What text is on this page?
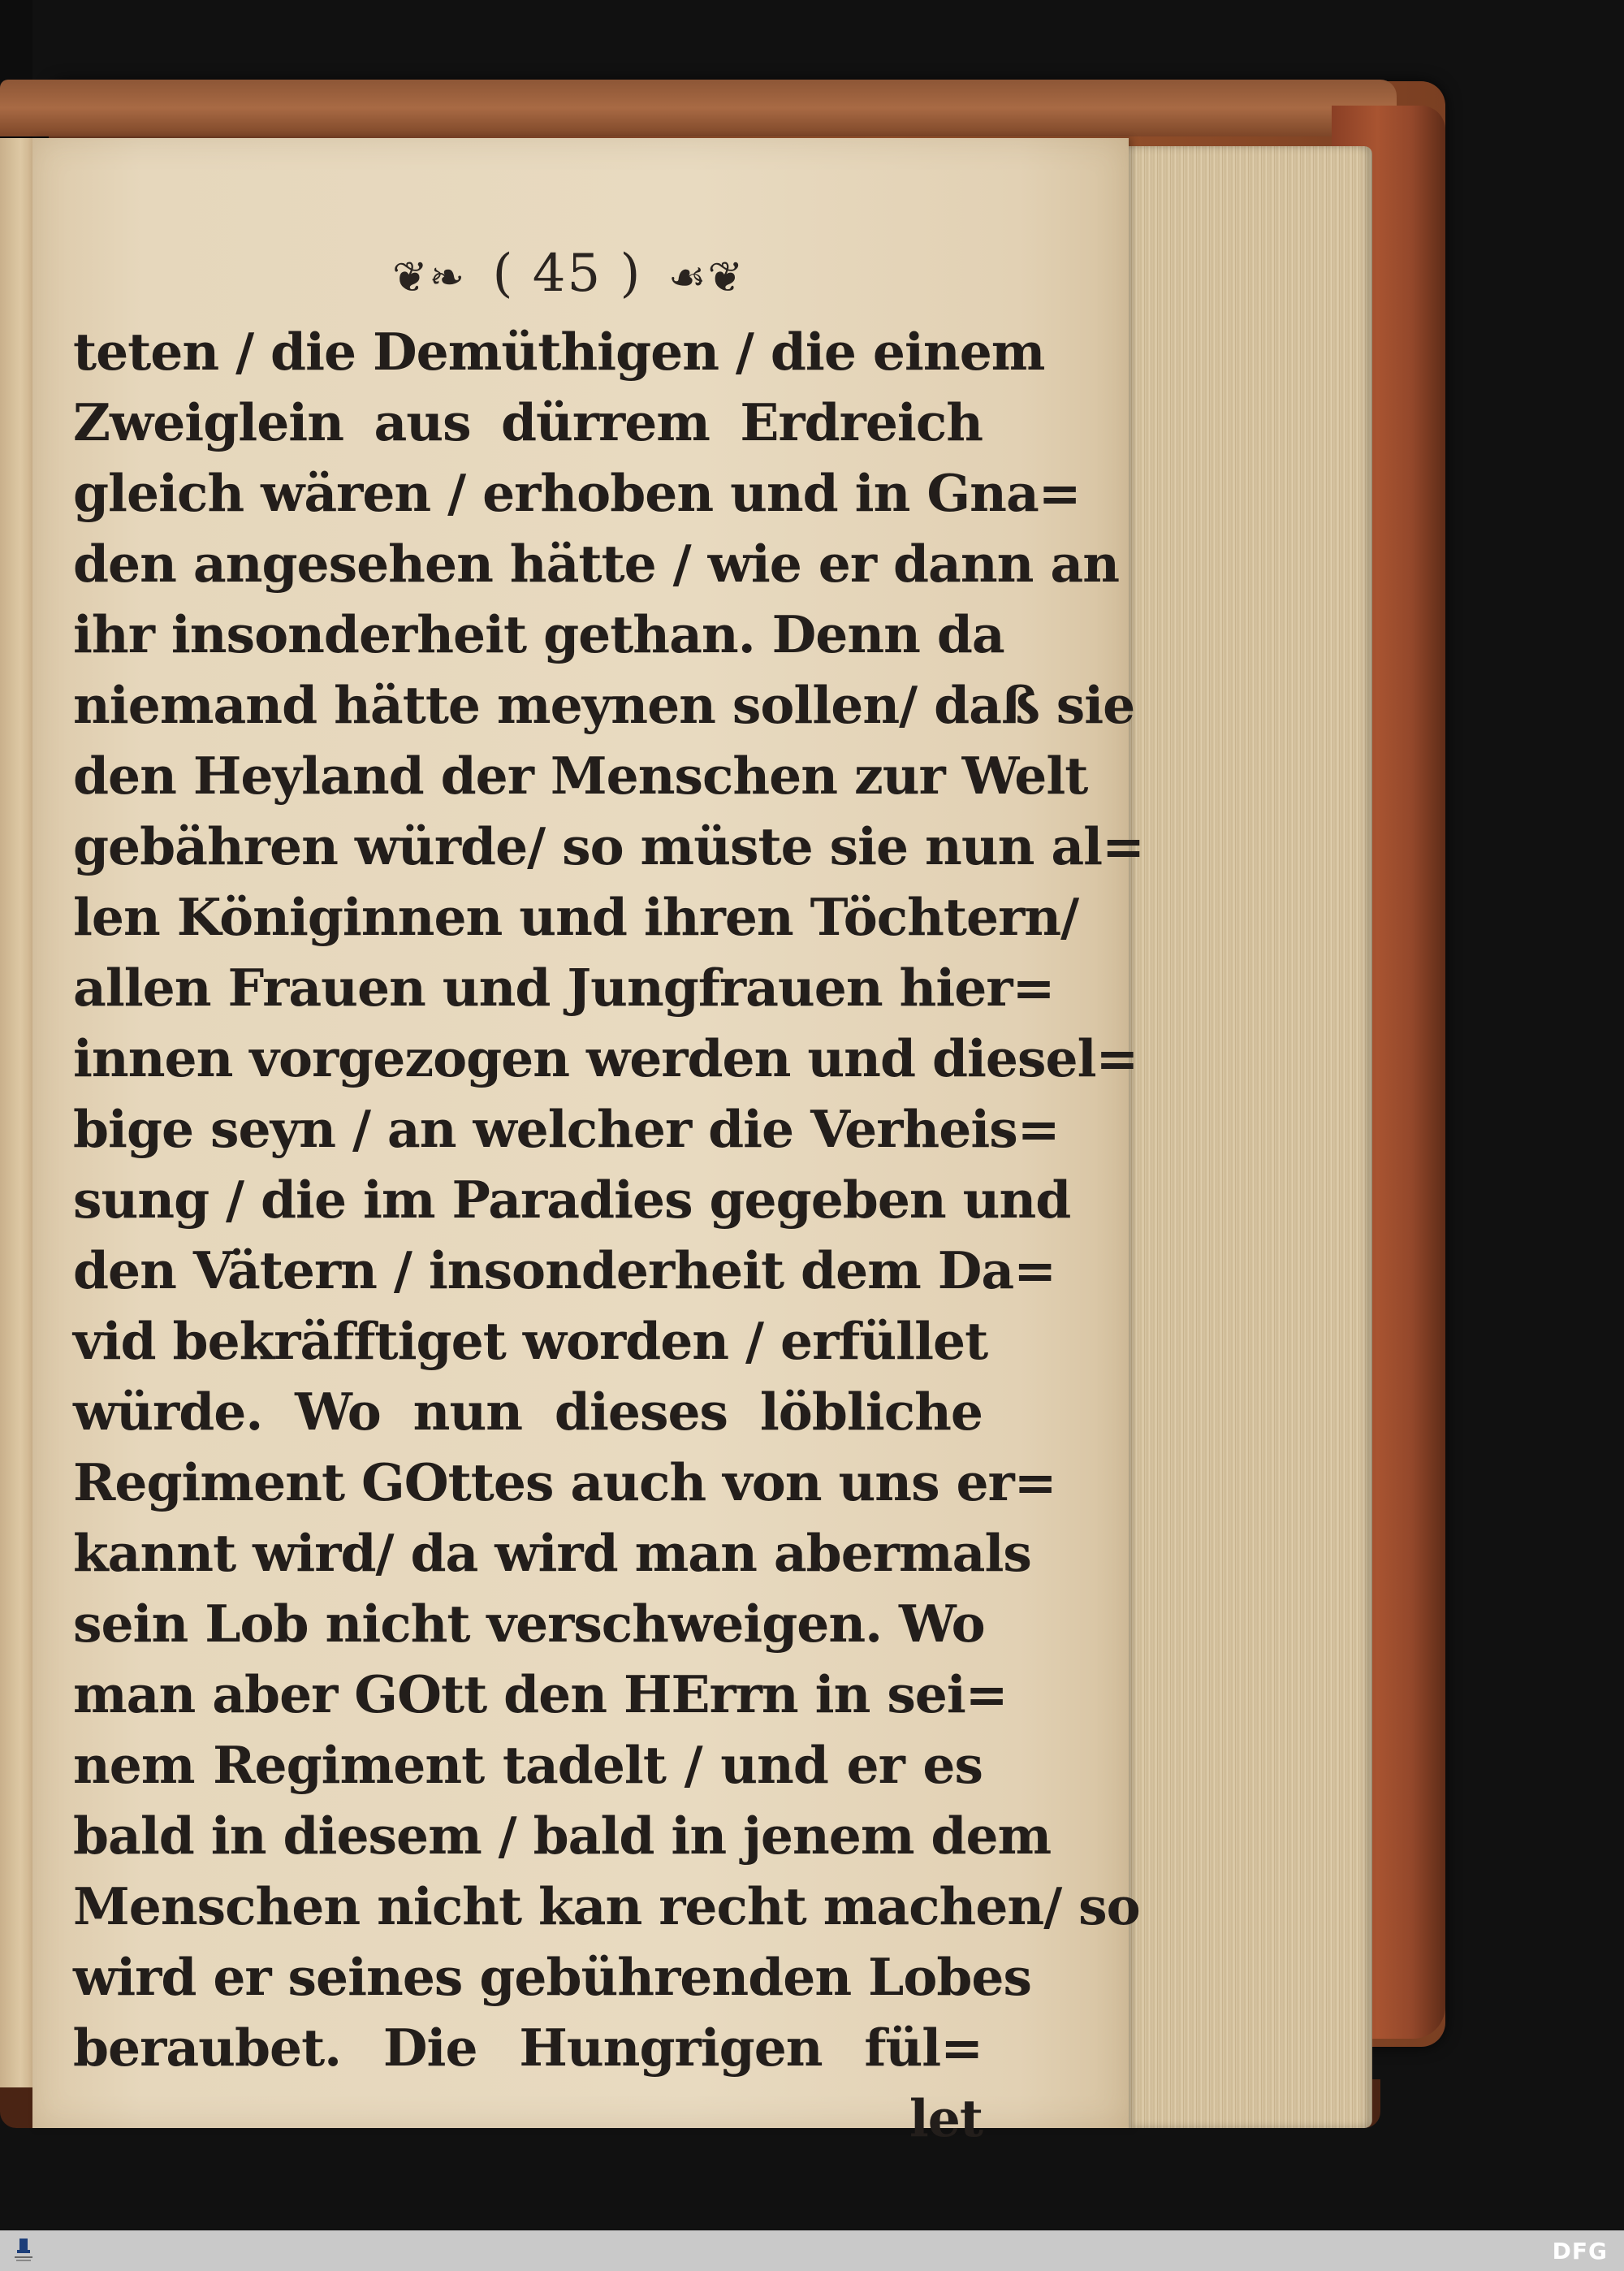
❦❧ ( 45 ) ☙❦
teten / die Demüthigen / die einem
Zweiglein aus dürrem Erdreich
gleich wären / erhoben und in Gna=
den angesehen hätte / wie er dann an
ihr insonderheit gethan. Denn da
niemand hätte meynen sollen/ daß sie
den Heyland der Menschen zur Welt
gebähren würde/ so müste sie nun al=
len Königinnen und ihren Töchtern/
allen Frauen und Jungfrauen hier=
innen vorgezogen werden und diesel=
bige seyn / an welcher die Verheis=
sung / die im Paradies gegeben und
den Vätern / insonderheit dem Da=
vid bekräfftiget worden / erfüllet
würde. Wo nun dieses löbliche
Regiment GOttes auch von uns er=
kannt wird/ da wird man abermals
sein Lob nicht verschweigen. Wo
man aber GOtt den HErrn in sei=
nem Regiment tadelt / und er es
bald in diesem / bald in jenem dem
Menschen nicht kan recht machen/ so
wird er seines gebührenden Lobes
beraubet. Die Hungrigen fül=
let
DFG
